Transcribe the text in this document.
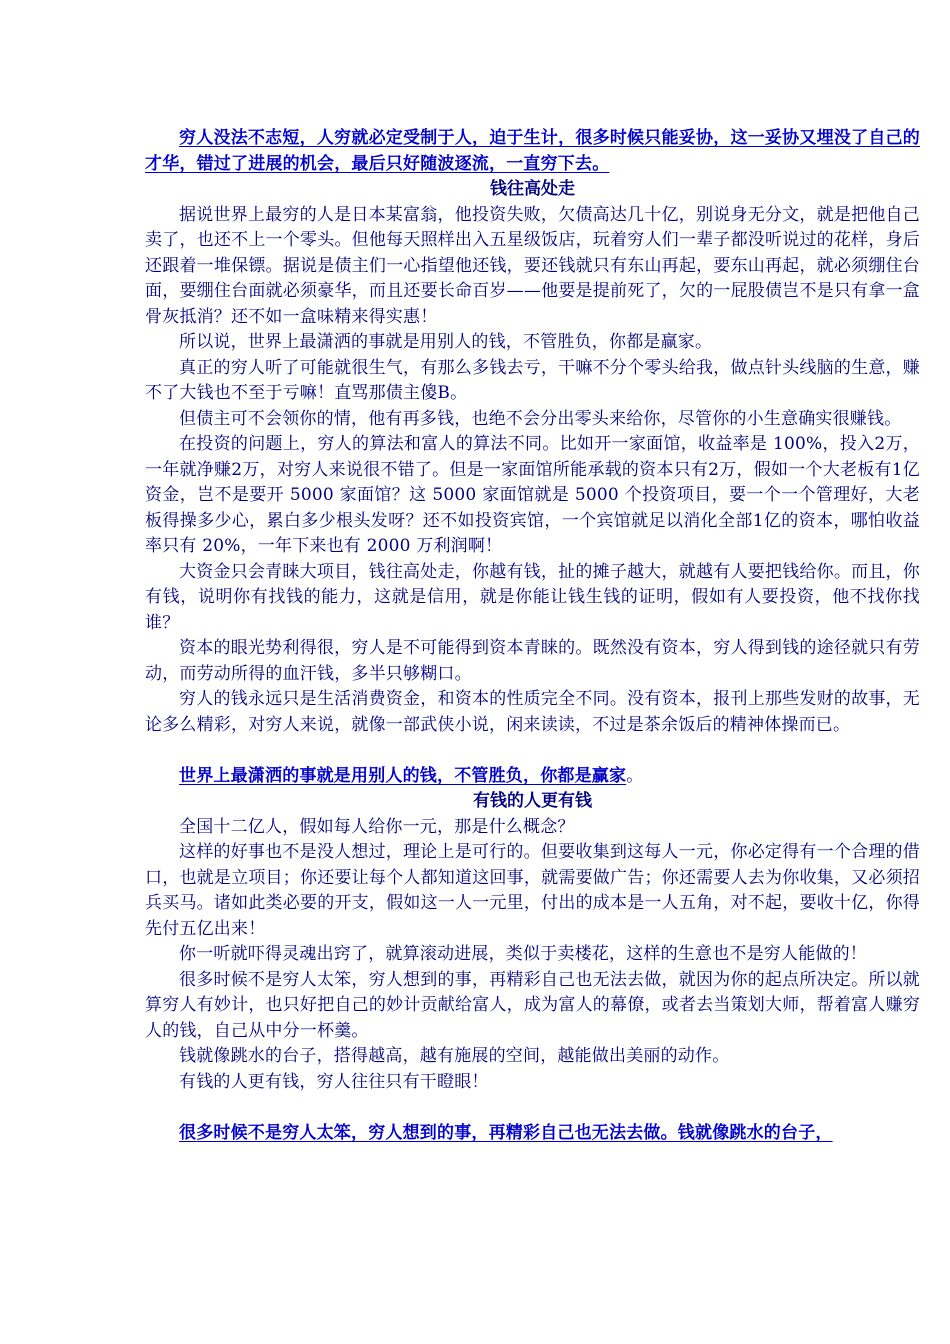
穷人没法不志短，人穷就必定受制于人，迫于生计，很多时候只能妥协，这一妥协又埋没了自己的才华，错过了进展的机会，最后只好随波逐流，一直穷下去。

钱往高处走

据说世界上最穷的人是日本某富翁，他投资失败，欠债高达几十亿，别说身无分文，就是把他自己卖了，也还不上一个零头。但他每天照样出入五星级饭店，玩着穷人们一辈子都没听说过的花样，身后还跟着一堆保镖。据说是债主们一心指望他还钱，要还钱就只有东山再起，要东山再起，就必须绷住台面，要绷住台面就必须豪华，而且还要长命百岁——他要是提前死了，欠的一屁股债岂不是只有拿一盒骨灰抵消？还不如一盒味精来得实惠！

所以说，世界上最潇洒的事就是用别人的钱，不管胜负，你都是赢家。

真正的穷人听了可能就很生气，有那么多钱去亏，干嘛不分个零头给我，做点针头线脑的生意，赚不了大钱也不至于亏嘛！直骂那债主傻B。

但债主可不会领你的情，他有再多钱，也绝不会分出零头来给你，尽管你的小生意确实很赚钱。

在投资的问题上，穷人的算法和富人的算法不同。比如开一家面馆，收益率是 100%，投入2万，一年就净赚2万，对穷人来说很不错了。但是一家面馆所能承载的资本只有2万，假如一个大老板有1亿资金，岂不是要开 5000 家面馆？这 5000 家面馆就是 5000 个投资项目，要一个一个管理好，大老板得操多少心，累白多少根头发呀？还不如投资宾馆，一个宾馆就足以消化全部1亿的资本，哪怕收益率只有 20%，一年下来也有 2000 万利润啊！

大资金只会青睐大项目，钱往高处走，你越有钱，扯的摊子越大，就越有人要把钱给你。而且，你有钱，说明你有找钱的能力，这就是信用，就是你能让钱生钱的证明，假如有人要投资，他不找你找谁？

资本的眼光势利得很，穷人是不可能得到资本青睐的。既然没有资本，穷人得到钱的途径就只有劳动，而劳动所得的血汗钱，多半只够糊口。

穷人的钱永远只是生活消费资金，和资本的性质完全不同。没有资本，报刊上那些发财的故事，无论多么精彩，对穷人来说，就像一部武侠小说，闲来读读，不过是茶余饭后的精神体操而已。

世界上最潇洒的事就是用别人的钱，不管胜负，你都是赢家。

有钱的人更有钱

全国十二亿人，假如每人给你一元，那是什么概念？

这样的好事也不是没人想过，理论上是可行的。但要收集到这每人一元，你必定得有一个合理的借口，也就是立项目；你还要让每个人都知道这回事，就需要做广告；你还需要人去为你收集，又必须招兵买马。诸如此类必要的开支，假如这一人一元里，付出的成本是一人五角，对不起，要收十亿，你得先付五亿出来！

你一听就吓得灵魂出窍了，就算滚动进展，类似于卖楼花，这样的生意也不是穷人能做的！

很多时候不是穷人太笨，穷人想到的事，再精彩自己也无法去做，就因为你的起点所决定。所以就算穷人有妙计，也只好把自己的妙计贡献给富人，成为富人的幕僚，或者去当策划大师，帮着富人赚穷人的钱，自己从中分一杯羹。

钱就像跳水的台子，搭得越高，越有施展的空间，越能做出美丽的动作。

有钱的人更有钱，穷人往往只有干瞪眼！

很多时候不是穷人太笨，穷人想到的事，再精彩自己也无法去做。钱就像跳水的台子，
